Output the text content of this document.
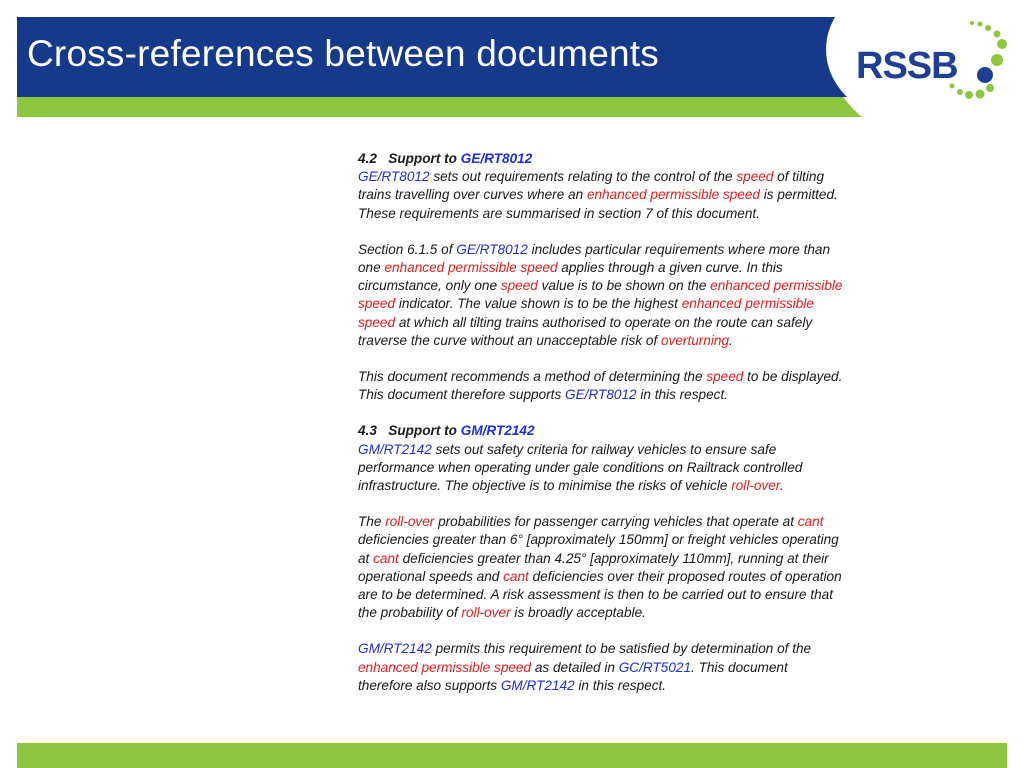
Cross-references between documents	RSSB

4.2 Support to GE/RT8012

GE/RT8012 sets out requirements relating to the control of the speed of tilting

trains travelling over curves where an enhanced permissible speed is permitted.

These requirements are summarised in section 7 of this document.

Section 6.1.5 of GE/RT8012 includes particular requirements where more than

one enhanced permissible speed applies through a given curve. In this

circumstance, only one speed value is to be shown on the enhanced permissible

speed indicator. The value shown is to be the highest enhanced permissible

speed at which all tilting trains authorised to operate on the route can safely

traverse the curve without an unacceptable risk of overturning.

This document recommends a method of determining the speed to be displayed.

This document therefore supports GE/RT8012 in this respect.

4.3 Support to GM/RT2142

GM/RT2142 sets out safety criteria for railway vehicles to ensure safe

performance when operating under gale conditions on Railtrack controlled

infrastructure. The objective is to minimise the risks of vehicle roll-over.

The roll-over probabilities for passenger carrying vehicles that operate at cant

deficiencies greater than 6° [approximately 150mm] or freight vehicles operating

at cant deficiencies greater than 4.25° [approximately 110mm], running at their

operational speeds and cant deficiencies over their proposed routes of operation

are to be determined. A risk assessment is then to be carried out to ensure that

the probability of roll-over is broadly acceptable.

GM/RT2142 permits this requirement to be satisfied by determination of the

enhanced permissible speed as detailed in GC/RT5021. This document

therefore also supports GM/RT2142 in this respect.
